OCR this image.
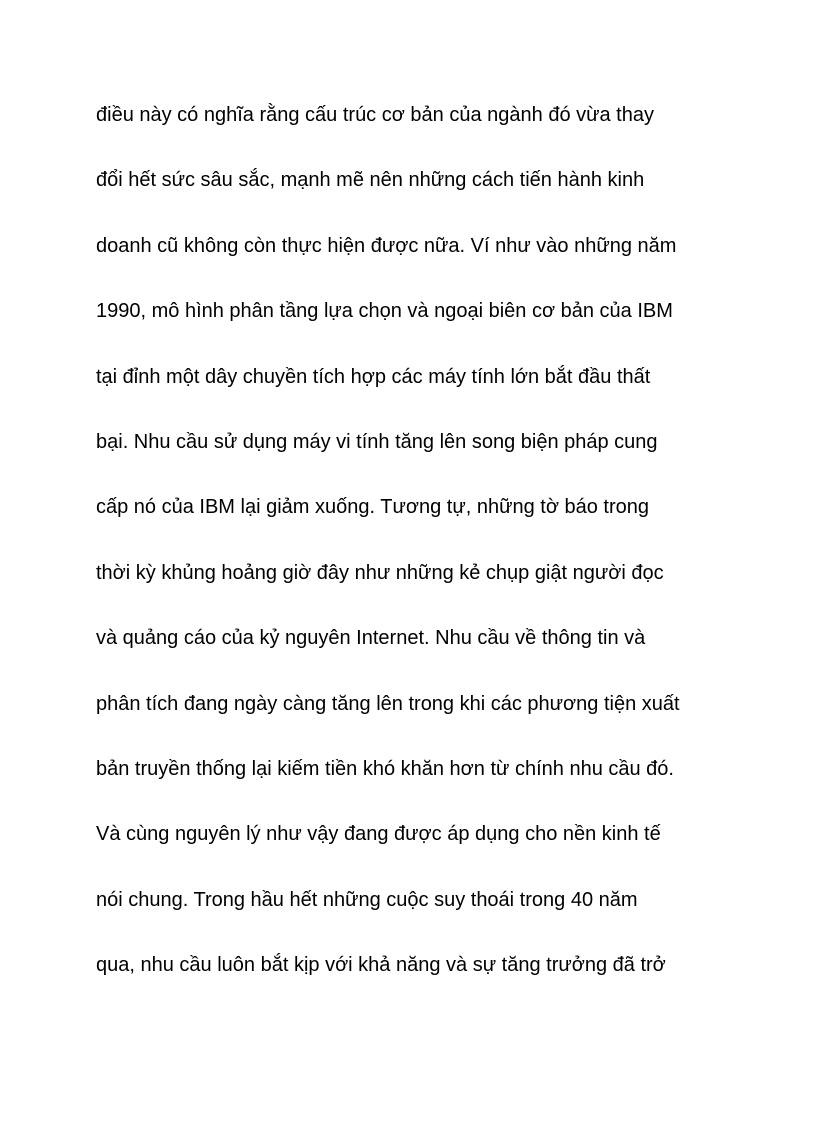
điều này có nghĩa rằng cấu trúc cơ bản của ngành đó vừa thay
đổi hết sức sâu sắc, mạnh mẽ nên những cách tiến hành kinh
doanh cũ không còn thực hiện được nữa. Ví như vào những năm
1990, mô hình phân tầng lựa chọn và ngoại biên cơ bản của IBM
tại đỉnh một dây chuyền tích hợp các máy tính lớn bắt đầu thất
bại. Nhu cầu sử dụng máy vi tính tăng lên song biện pháp cung
cấp nó của IBM lại giảm xuống. Tương tự, những tờ báo trong
thời kỳ khủng hoảng giờ đây như những kẻ chụp giật người đọc
và quảng cáo của kỷ nguyên Internet. Nhu cầu về thông tin và
phân tích đang ngày càng tăng lên trong khi các phương tiện xuất
bản truyền thống lại kiếm tiền khó khăn hơn từ chính nhu cầu đó.
Và cùng nguyên lý như vậy đang được áp dụng cho nền kinh tế
nói chung. Trong hầu hết những cuộc suy thoái trong 40 năm
qua, nhu cầu luôn bắt kịp với khả năng và sự tăng trưởng đã trở
